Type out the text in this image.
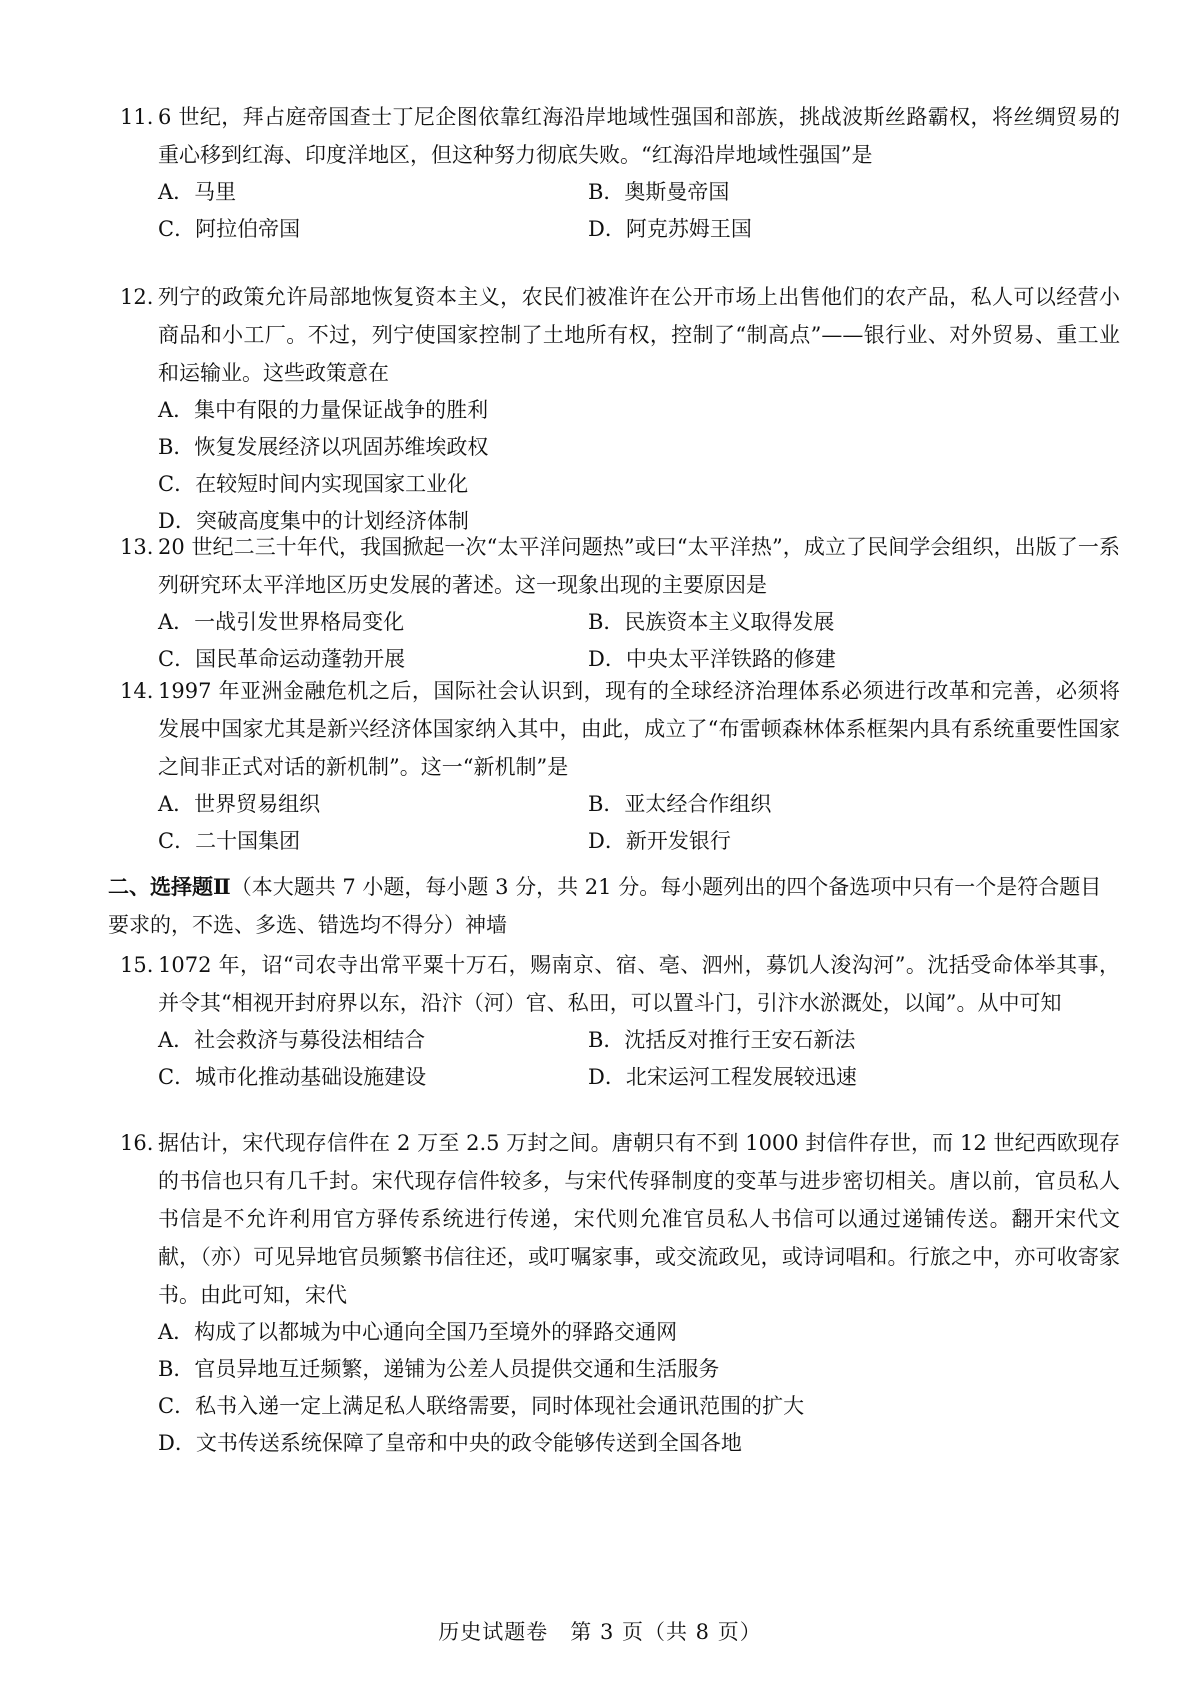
11. 6 世纪，拜占庭帝国查士丁尼企图依靠红海沿岸地域性强国和部族，挑战波斯丝路霸权，将丝绸贸易的重心移到红海、印度洋地区，但这种努力彻底失败。“红海沿岸地域性强国”是
A．马里	B．奥斯曼帝国
C．阿拉伯帝国	D．阿克苏姆王国
12. 列宁的政策允许局部地恢复资本主义，农民们被准许在公开市场上出售他们的农产品，私人可以经营小商品和小工厂。不过，列宁使国家控制了土地所有权，控制了“制高点”——银行业、对外贸易、重工业和运输业。这些政策意在
A．集中有限的力量保证战争的胜利
B．恢复发展经济以巩固苏维埃政权
C．在较短时间内实现国家工业化
D．突破高度集中的计划经济体制
13. 20 世纪二三十年代，我国掀起一次“太平洋问题热”或曰“太平洋热”，成立了民间学会组织，出版了一系列研究环太平洋地区历史发展的著述。这一现象出现的主要原因是
A．一战引发世界格局变化	B．民族资本主义取得发展
C．国民革命运动蓬勃开展	D．中央太平洋铁路的修建
14. 1997 年亚洲金融危机之后，国际社会认识到，现有的全球经济治理体系必须进行改革和完善，必须将发展中国家尤其是新兴经济体国家纳入其中，由此，成立了“布雷顿森林体系框架内具有系统重要性国家之间非正式对话的新机制”。这一“新机制”是
A．世界贸易组织	B．亚太经合作组织
C．二十国集团	D．新开发银行
二、选择题Ⅱ（本大题共 7 小题，每小题 3 分，共 21 分。每小题列出的四个备选项中只有一个是符合题目要求的，不选、多选、错选均不得分）神墙
15. 1072 年，诏“司农寺出常平粟十万石，赐南京、宿、亳、泗州，募饥人浚沟河”。沈括受命体举其事，并令其“相视开封府界以东，沿汴（河）官、私田，可以置斗门，引汴水淤溉处，以闻”。从中可知
A．社会救济与募役法相结合	B．沈括反对推行王安石新法
C．城市化推动基础设施建设	D．北宋运河工程发展较迅速
16. 据估计，宋代现存信件在 2 万至 2.5 万封之间。唐朝只有不到 1000 封信件存世，而 12 世纪西欧现存的书信也只有几千封。宋代现存信件较多，与宋代传驿制度的变革与进步密切相关。唐以前，官员私人书信是不允许利用官方驿传系统进行传递，宋代则允准官员私人书信可以通过递铺传送。翻开宋代文献，（亦）可见异地官员频繁书信往还，或叮嘱家事，或交流政见，或诗词唱和。行旅之中，亦可收寄家书。由此可知，宋代
A．构成了以都城为中心通向全国乃至境外的驿路交通网
B．官员异地互迁频繁，递铺为公差人员提供交通和生活服务
C．私书入递一定上满足私人联络需要，同时体现社会通讯范围的扩大
D．文书传送系统保障了皇帝和中央的政令能够传送到全国各地
历史试题卷　第 3 页（共 8 页）
